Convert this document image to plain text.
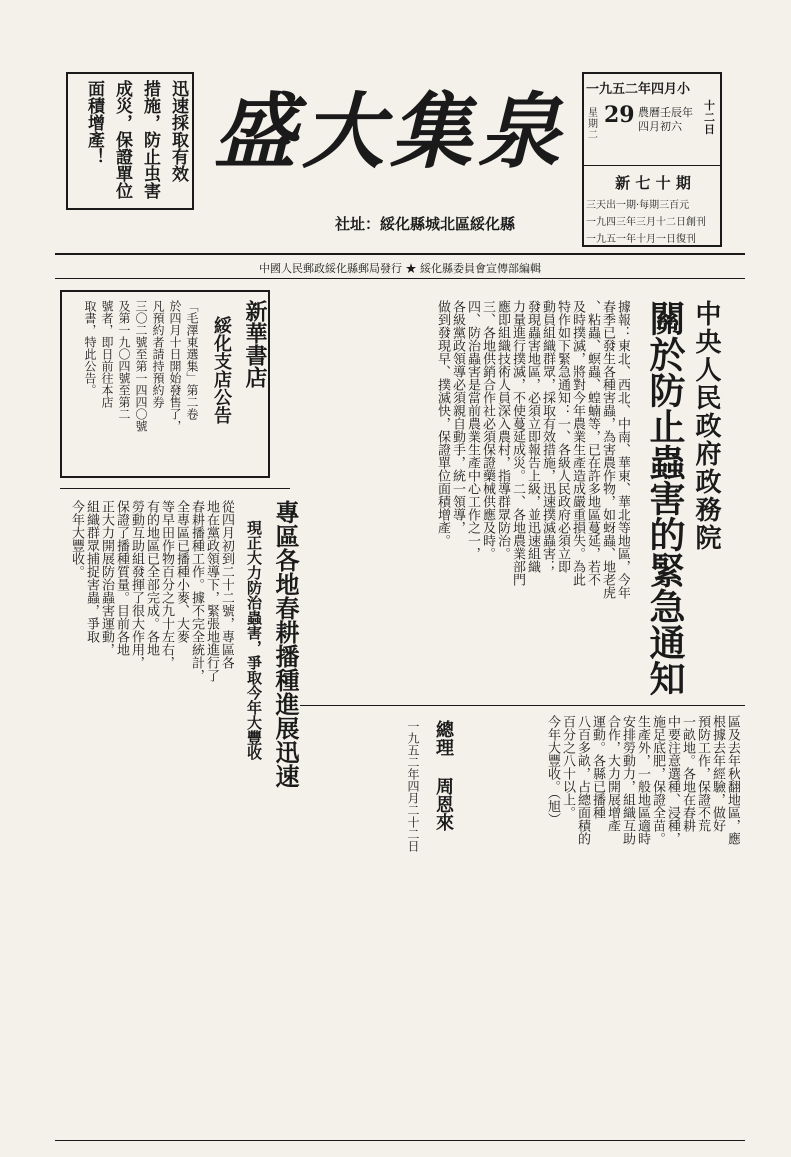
迅速採取有效
措施，防止虫害
成災，保證單位
面積增產！ 盛大集泉
社址：綏化縣城北區綏化縣
一九五二年四月小
星期二
29 農曆壬辰年 四月初六
十二日
新 七 十 期
三天出一期·每期三百元
一九四三年三月十二日創刊
一九五一年十月一日復刊
中國人民郵政綏化縣郵局發行 ★ 綏化縣委員會宣傳部編輯
中央人民政府政務院
關於防止蟲害的緊急通知
據報：東北、西北、中南、華東、華北等地區，今年
春季已發生各種害蟲，為害農作物，如蚜蟲、地老虎
、粘蟲、螟蟲、蝗蝻等，已在許多地區蔓延，若不
及時撲滅，將對今年農業生產造成嚴重損失。為此
特作如下緊急通知：一、各級人民政府必須立即
動員組織群眾，採取有效措施，迅速撲滅蟲害；
發現蟲害地區，必須立即報告上級，並迅速組織
力量進行撲滅，不使蔓延成災。二、各地農業部門
應即組織技術人員深入農村，指導群眾防治。
三、各地供銷合作社必須保證藥械供應及時。
四、防治蟲害是當前農業生產中心工作之一，
各級黨政領導必須親自動手，統一領導，
做到發現早、撲滅快，保證單位面積增產。
總理 周恩來
一九五二年四月二十二日
新華書店
綏化支店公告
「毛澤東選集」第二卷
於四月十日開始發售了，
凡預約者請持預約券
三〇二號至第一四四〇號
及第一九〇四號至第二
號者，即日前往本店
取書，特此公告。
專區各地春耕播種進展迅速
現正大力防治蟲害，爭取今年大豐收
從四月初到二十二號，專區各
地在黨政領導下，緊張地進行了
春耕播種工作。據不完全統計，
全專區已播種小麥、大麥
等早田作物百分之九十左右，
有的地區已全部完成。各地
勞動互助組發揮了很大作用，
保證了播種質量。目前各地
正大力開展防治蟲害運動，
組織群眾捕捉害蟲，爭取
今年大豐收。
區及去年秋翻地區，應
根據去年經驗，做好
預防工作，保證不荒
一畝地。各地在春耕
中要注意選種、浸種，
施足底肥，保證全苗。
生產外，一般地區適時
安排勞動力，組織互助
合作，大力開展增產
運動。各縣已播種
八百多畝，占總面積的
百分之八十以上。
今年大豐收。（旭）
